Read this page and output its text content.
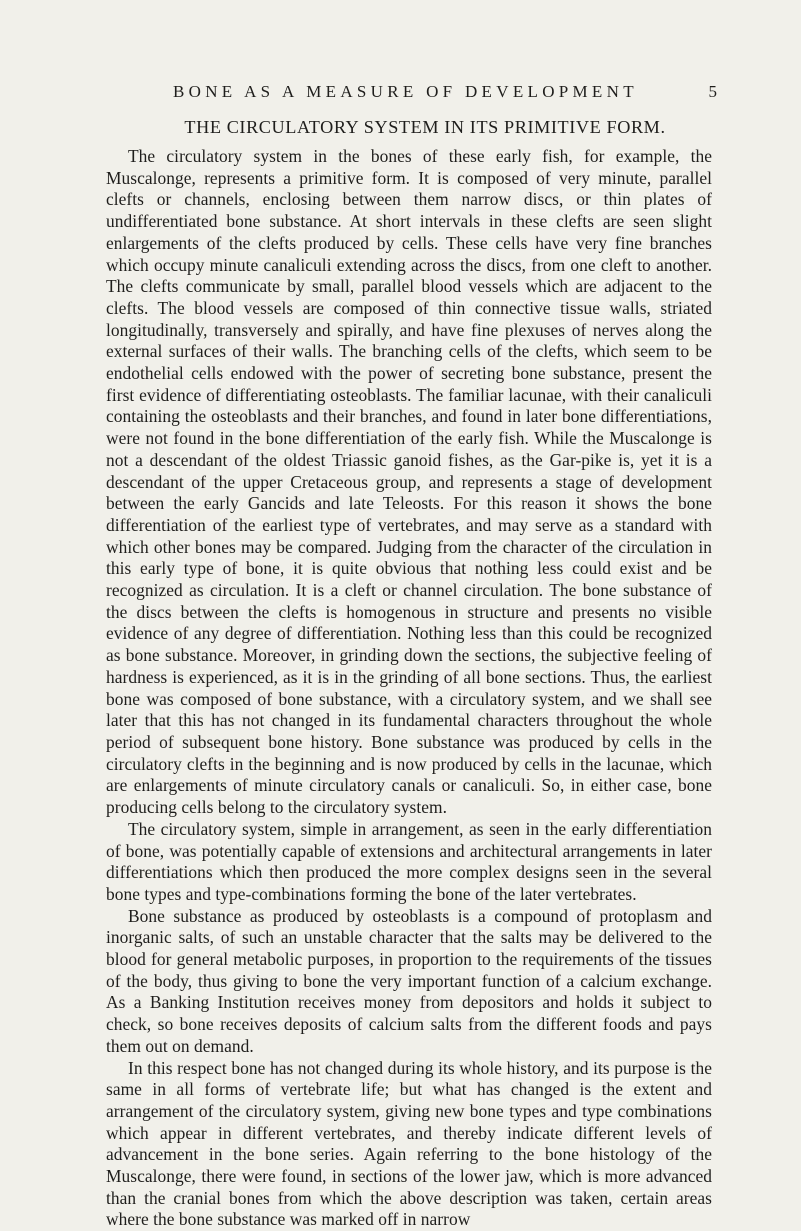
BONE AS A MEASURE OF DEVELOPMENT	5
THE CIRCULATORY SYSTEM IN ITS PRIMITIVE FORM.

The circulatory system in the bones of these early fish, for example, the Muscalonge, represents a primitive form. It is composed of very minute, parallel clefts or channels, enclosing between them narrow discs, or thin plates of undifferentiated bone substance. At short intervals in these clefts are seen slight enlargements of the clefts produced by cells. These cells have very fine branches which occupy minute canaliculi extending across the discs, from one cleft to another. The clefts communicate by small, parallel blood vessels which are adjacent to the clefts. The blood vessels are composed of thin connective tissue walls, striated longitudinally, transversely and spirally, and have fine plexuses of nerves along the external surfaces of their walls. The branching cells of the clefts, which seem to be endothelial cells endowed with the power of secreting bone substance, present the first evidence of differentiating osteoblasts. The familiar lacunae, with their canaliculi containing the osteoblasts and their branches, and found in later bone differentiations, were not found in the bone differentiation of the early fish. While the Muscalonge is not a descendant of the oldest Triassic ganoid fishes, as the Gar-pike is, yet it is a descendant of the upper Cretaceous group, and represents a stage of development between the early Gancids and late Teleosts. For this reason it shows the bone differentiation of the earliest type of vertebrates, and may serve as a standard with which other bones may be compared. Judging from the character of the circulation in this early type of bone, it is quite obvious that nothing less could exist and be recognized as circulation. It is a cleft or channel circulation. The bone substance of the discs between the clefts is homogenous in structure and presents no visible evidence of any degree of differentiation. Nothing less than this could be recognized as bone substance. Moreover, in grinding down the sections, the subjective feeling of hardness is experienced, as it is in the grinding of all bone sections. Thus, the earliest bone was composed of bone substance, with a circulatory system, and we shall see later that this has not changed in its fundamental characters throughout the whole period of subsequent bone history. Bone substance was produced by cells in the circulatory clefts in the beginning and is now produced by cells in the lacunae, which are enlargements of minute circulatory canals or canaliculi. So, in either case, bone producing cells belong to the circulatory system.

The circulatory system, simple in arrangement, as seen in the early differentiation of bone, was potentially capable of extensions and architectural arrangements in later differentiations which then produced the more complex designs seen in the several bone types and type-combinations forming the bone of the later vertebrates.

Bone substance as produced by osteoblasts is a compound of protoplasm and inorganic salts, of such an unstable character that the salts may be delivered to the blood for general metabolic purposes, in proportion to the requirements of the tissues of the body, thus giving to bone the very important function of a calcium exchange. As a Banking Institution receives money from depositors and holds it subject to check, so bone receives deposits of calcium salts from the different foods and pays them out on demand.

In this respect bone has not changed during its whole history, and its purpose is the same in all forms of vertebrate life; but what has changed is the extent and arrangement of the circulatory system, giving new bone types and type combinations which appear in different vertebrates, and thereby indicate different levels of advancement in the bone series. Again referring to the bone histology of the Muscalonge, there were found, in sections of the lower jaw, which is more advanced than the cranial bones from which the above description was taken, certain areas where the bone substance was marked off in narrow
